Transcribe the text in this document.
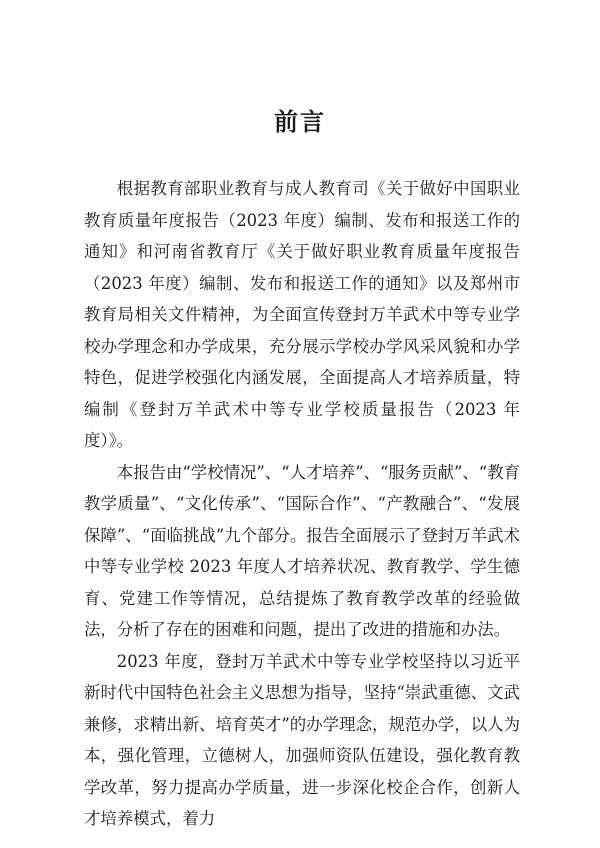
前言

根据教育部职业教育与成人教育司《关于做好中国职业教育质量年度报告（2023 年度）编制、发布和报送工作的通知》和河南省教育厅《关于做好职业教育质量年度报告（2023 年度）编制、发布和报送工作的通知》以及郑州市教育局相关文件精神，为全面宣传登封万羊武术中等专业学校办学理念和办学成果，充分展示学校办学风采风貌和办学特色，促进学校强化内涵发展，全面提高人才培养质量，特编制《登封万羊武术中等专业学校质量报告（2023 年度）》。

本报告由“学校情况”、“人才培养”、“服务贡献”、“教育教学质量”、“文化传承”、“国际合作”、“产教融合”、“发展保障”、“面临挑战”九个部分。报告全面展示了登封万羊武术中等专业学校 2023 年度人才培养状况、教育教学、学生德育、党建工作等情况，总结提炼了教育教学改革的经验做法，分析了存在的困难和问题，提出了改进的措施和办法。

2023 年度，登封万羊武术中等专业学校坚持以习近平新时代中国特色社会主义思想为指导，坚持“崇武重德、文武兼修，求精出新、培育英才”的办学理念，规范办学，以人为本，强化管理，立德树人，加强师资队伍建设，强化教育教学改革，努力提高办学质量，进一步深化校企合作，创新人才培养模式，着力
